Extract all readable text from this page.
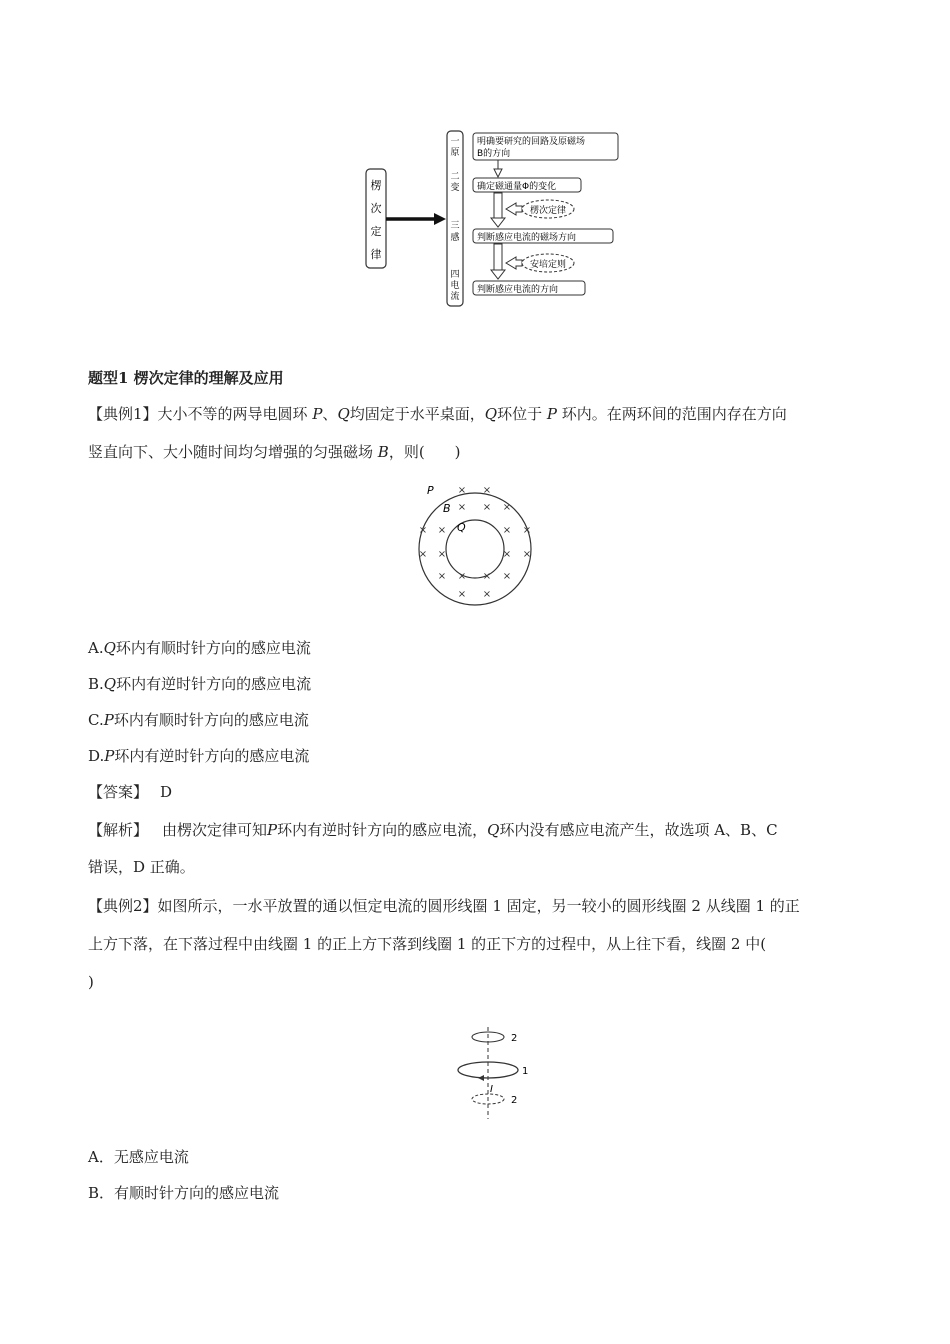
楞
次
定
律
一
原
二
变
三
感
四
电
流
明确要研究的回路及原磁场
B的方向
确定磁通量Φ的变化
楞次定律
判断感应电流的磁场方向
安培定则
判断感应电流的方向
题型1 楞次定律的理解及应用
【典例1】大小不等的两导电圆环 P、Q均固定于水平桌面，Q环位于 P 环内。在两环间的范围内存在方向
竖直向下、大小随时间均匀增强的匀强磁场 B，则(　　)
P
B
Q
× ×
× × ×
× ×	× ×
× ×	× ×
× × × ×
× ×
A.Q环内有顺时针方向的感应电流
B.Q环内有逆时针方向的感应电流
C.P环内有顺时针方向的感应电流
D.P环内有逆时针方向的感应电流
【答案】 D
【解析】 由楞次定律可知P环内有逆时针方向的感应电流，Q环内没有感应电流产生，故选项 A、B、C
错误，D 正确。
【典例2】如图所示，一水平放置的通以恒定电流的圆形线圈 1 固定，另一较小的圆形线圈 2 从线圈 1 的正
上方下落，在下落过程中由线圈 1 的正上方下落到线圈 1 的正下方的过程中，从上往下看，线圈 2 中(
)
2
1
I
2
A．无感应电流
B．有顺时针方向的感应电流
